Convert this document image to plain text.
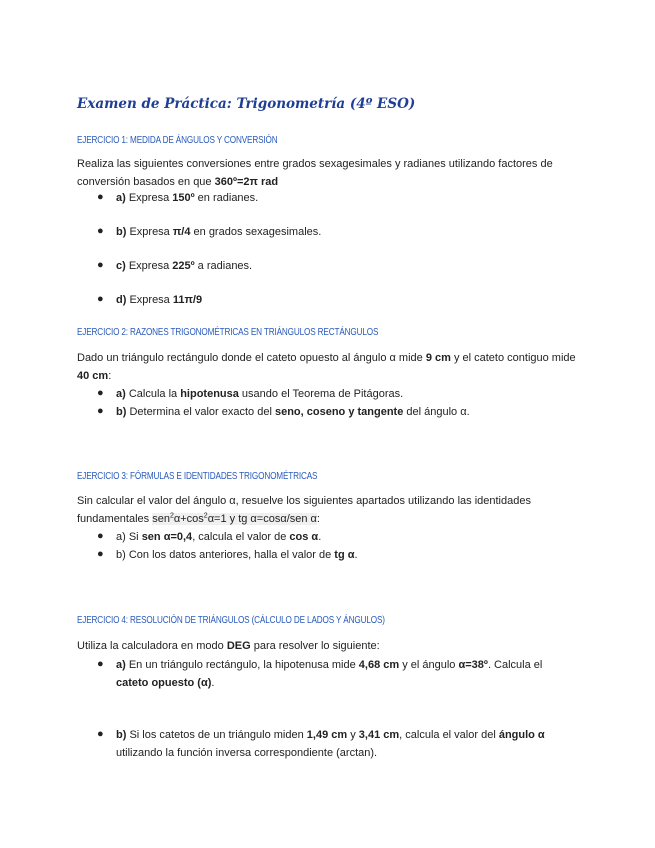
Examen de Práctica: Trigonometría (4º ESO)
EJERCICIO 1: MEDIDA DE ÁNGULOS Y CONVERSIÓN
Realiza las siguientes conversiones entre grados sexagesimales y radianes utilizando factores de conversión basados en que 360º=2π rad
● a) Expresa 150º en radianes.
● b) Expresa π/4 en grados sexagesimales.
● c) Expresa 225º a radianes.
● d) Expresa 11π/9
EJERCICIO 2: RAZONES TRIGONOMÉTRICAS EN TRIÁNGULOS RECTÁNGULOS
Dado un triángulo rectángulo donde el cateto opuesto al ángulo α mide 9 cm y el cateto contiguo mide 40 cm:
● a) Calcula la hipotenusa usando el Teorema de Pitágoras.
● b) Determina el valor exacto del seno, coseno y tangente del ángulo α.
EJERCICIO 3: FÓRMULAS E IDENTIDADES TRIGONOMÉTRICAS
Sin calcular el valor del ángulo α, resuelve los siguientes apartados utilizando las identidades fundamentales $sen^2\alpha+\cos^2\alpha=1$ y tg α=cosα/sen α:
● a) Si sen α=0,4, calcula el valor de cos α.
● b) Con los datos anteriores, halla el valor de tg α.
EJERCICIO 4: RESOLUCIÓN DE TRIÁNGULOS (CÁLCULO DE LADOS Y ÁNGULOS)
Utiliza la calculadora en modo DEG para resolver lo siguiente:
● a) En un triángulo rectángulo, la hipotenusa mide 4,68 cm y el ángulo α=38º. Calcula el cateto opuesto (α).
● b) Si los catetos de un triángulo miden 1,49 cm y 3,41 cm, calcula el valor del ángulo α utilizando la función inversa correspondiente (arctan).
